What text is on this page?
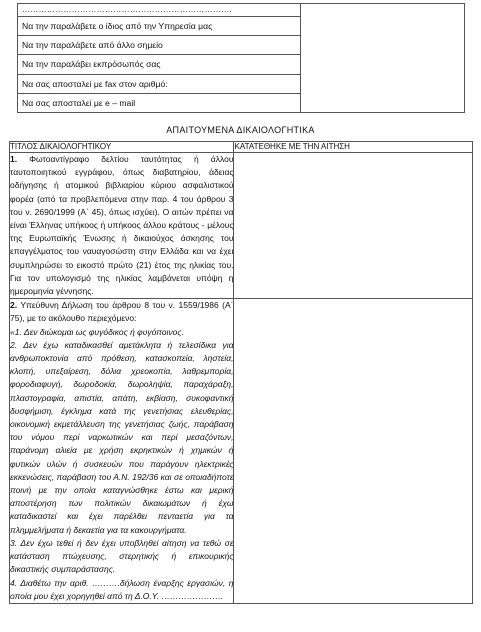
………………………………………………………………….
Να την παραλάβετε ο ίδιος από την Υπηρεσία μας
Να την παραλάβετε από άλλο σημείο
Να την παραλάβει εκπρόσωπός σας
Να σας αποσταλεί με fax στον αριθμό:
Να σας αποσταλεί με e – mail

ΑΠΑΙΤΟΥΜΕΝΑ ΔΙΚΑΙΟΛΟΓΗΤΙΚΑ
ΤΙΤΛΟΣ ΔΙΚΑΙΟΛΟΓΗΤΙΚΟΥ	ΚΑΤΑΤΕΘΗΚΕ ΜΕ ΤΗΝ ΑΙΤΗΣΗ

1. Φωτοαντίγραφο δελτίου ταυτότητας ή άλλου ταυτοποιητικού εγγράφου, όπως διαβατηρίου, άδειας οδήγησης ή ατομικού βιβλιαρίου κύριου ασφαλιστικού φορέα (από τα προβλεπόμενα στην παρ. 4 του άρθρου 3 του ν. 2690/1999 (Α΄ 45), όπως ισχύει). Ο αιτών πρέπει να είναι Έλληνας υπήκοος ή υπήκοος άλλου κράτους - μέλους της Ευρωπαϊκής Ένωσης ή δικαιούχος άσκησης του επαγγέλματος του ναυαγοσώστη στην Ελλάδα και να έχει συμπληρώσει το εικοστό πρώτο (21) έτος της ηλικίας του. Για τον υπολογισμό της ηλικίας λαμβάνεται υπόψη η ημερομηνία γέννησης.	

2. Υπεύθυνη Δήλωση του άρθρου 8 του ν. 1559/1986 (Α΄ 75), με το ακόλουθο περιεχόμενο:

«1. Δεν διώκομαι ως φυγόδικος ή φυγόποινος.

2. Δεν έχω καταδικασθεί αμετάκλητα ή τελεσίδικα για ανθρωποκτονία από πρόθεση, κατασκοπεία, ληστεία, κλοπή, υπεξαίρεση, δόλια χρεοκοπία, λαθρεμπορία, φοροδιαφυγή, δωροδοκία, δωροληψία, παραχάραξη, πλαστογραφία, απιστία, απάτη, εκβίαση, συκοφαντική δυσφήμιση, έγκλημα κατά της γενετήσιας ελευθερίας, οικονομική εκμετάλλευση της γενετήσιας ζωής, παράβαση του νόμου περί ναρκωτικών και περί μεσαζόντων, παράνομη αλιεία με χρήση εκρηκτικών ή χημικών ή φυτικών υλών ή συσκευών που παράγουν ηλεκτρικές εκκενώσεις, παράβαση του Α.Ν. 192/36 και σε οποιαδήποτε ποινή με την οποία καταγνώσθηκε έστω και μερική αποστέρηση των πολιτικών δικαιωμάτων ή έχω καταδικαστεί και έχει παρέλθει πενταετία για τα πλημμελήματα ή δεκαετία για τα κακουργήματα.

3. Δεν έχω τεθεί ή δεν έχει υποβληθεί αίτηση να τεθώ σε κατάσταση πτώχευσης, στερητικής ή επικουρικής δικαστικής συμπαράστασης.

4. Διαθέτω την αριθ. ……….δήλωση έναρξης εργασιών, η οποία μου έχει χορηγηθεί από τη Δ.Ο.Υ. ………………….	
